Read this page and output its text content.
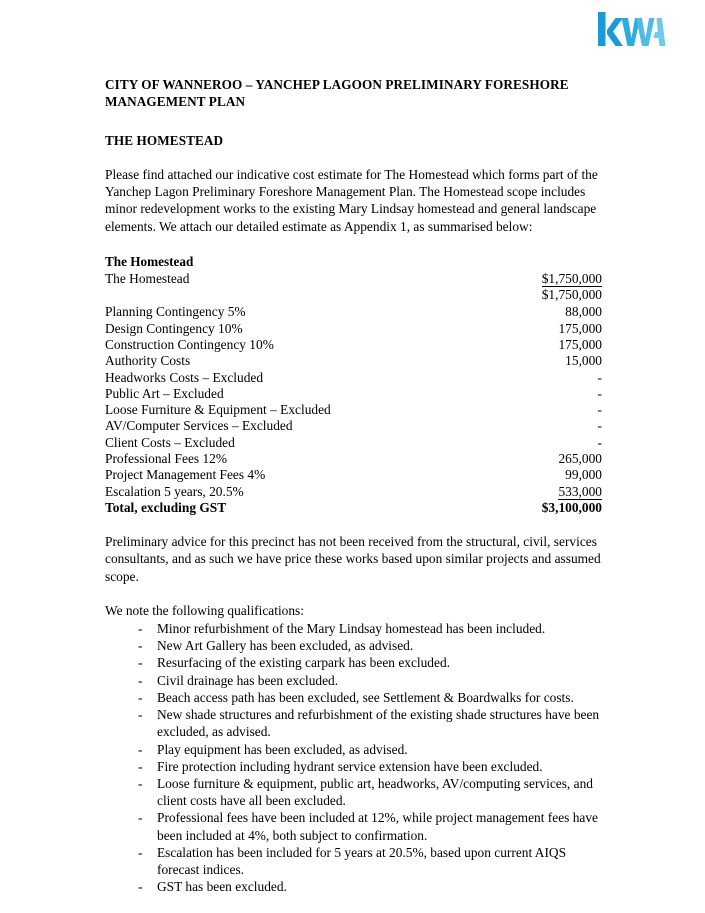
CITY OF WANNEROO – YANCHEP LAGOON PRELIMINARY FORESHORE
MANAGEMENT PLAN
THE HOMESTEAD

Please find attached our indicative cost estimate for The Homestead which forms part of the Yanchep Lagon Preliminary Foreshore Management Plan. The Homestead scope includes minor redevelopment works to the existing Mary Lindsay homestead and general landscape elements. We attach our detailed estimate as Appendix 1, as summarised below:

The Homestead
The Homestead	$1,750,000
	$1,750,000

Planning Contingency 5%	88,000
Design Contingency 10%	175,000
Construction Contingency 10%	175,000
Authority Costs	15,000
Headworks Costs – Excluded	-
Public Art – Excluded	-
Loose Furniture & Equipment – Excluded	-
AV/Computer Services – Excluded	-
Client Costs – Excluded	-
Professional Fees 12%	265,000
Project Management Fees 4%	99,000
Escalation 5 years, 20.5%	533,000
Total, excluding GST	$3,100,000

Preliminary advice for this precinct has not been received from the structural, civil, services consultants, and as such we have price these works based upon similar projects and assumed scope.

We note the following qualifications:

- Minor refurbishment of the Mary Lindsay homestead has been included.
- New Art Gallery has been excluded, as advised.
- Resurfacing of the existing carpark has been excluded.
- Civil drainage has been excluded.
- Beach access path has been excluded, see Settlement & Boardwalks for costs.
- New shade structures and refurbishment of the existing shade structures have been excluded, as advised.
- Play equipment has been excluded, as advised.
- Fire protection including hydrant service extension have been excluded.
- Loose furniture & equipment, public art, headworks, AV/computing services, and client costs have all been excluded.
- Professional fees have been included at 12%, while project management fees have been included at 4%, both subject to confirmation.
- Escalation has been included for 5 years at 20.5%, based upon current AIQS forecast indices.
- GST has been excluded.
